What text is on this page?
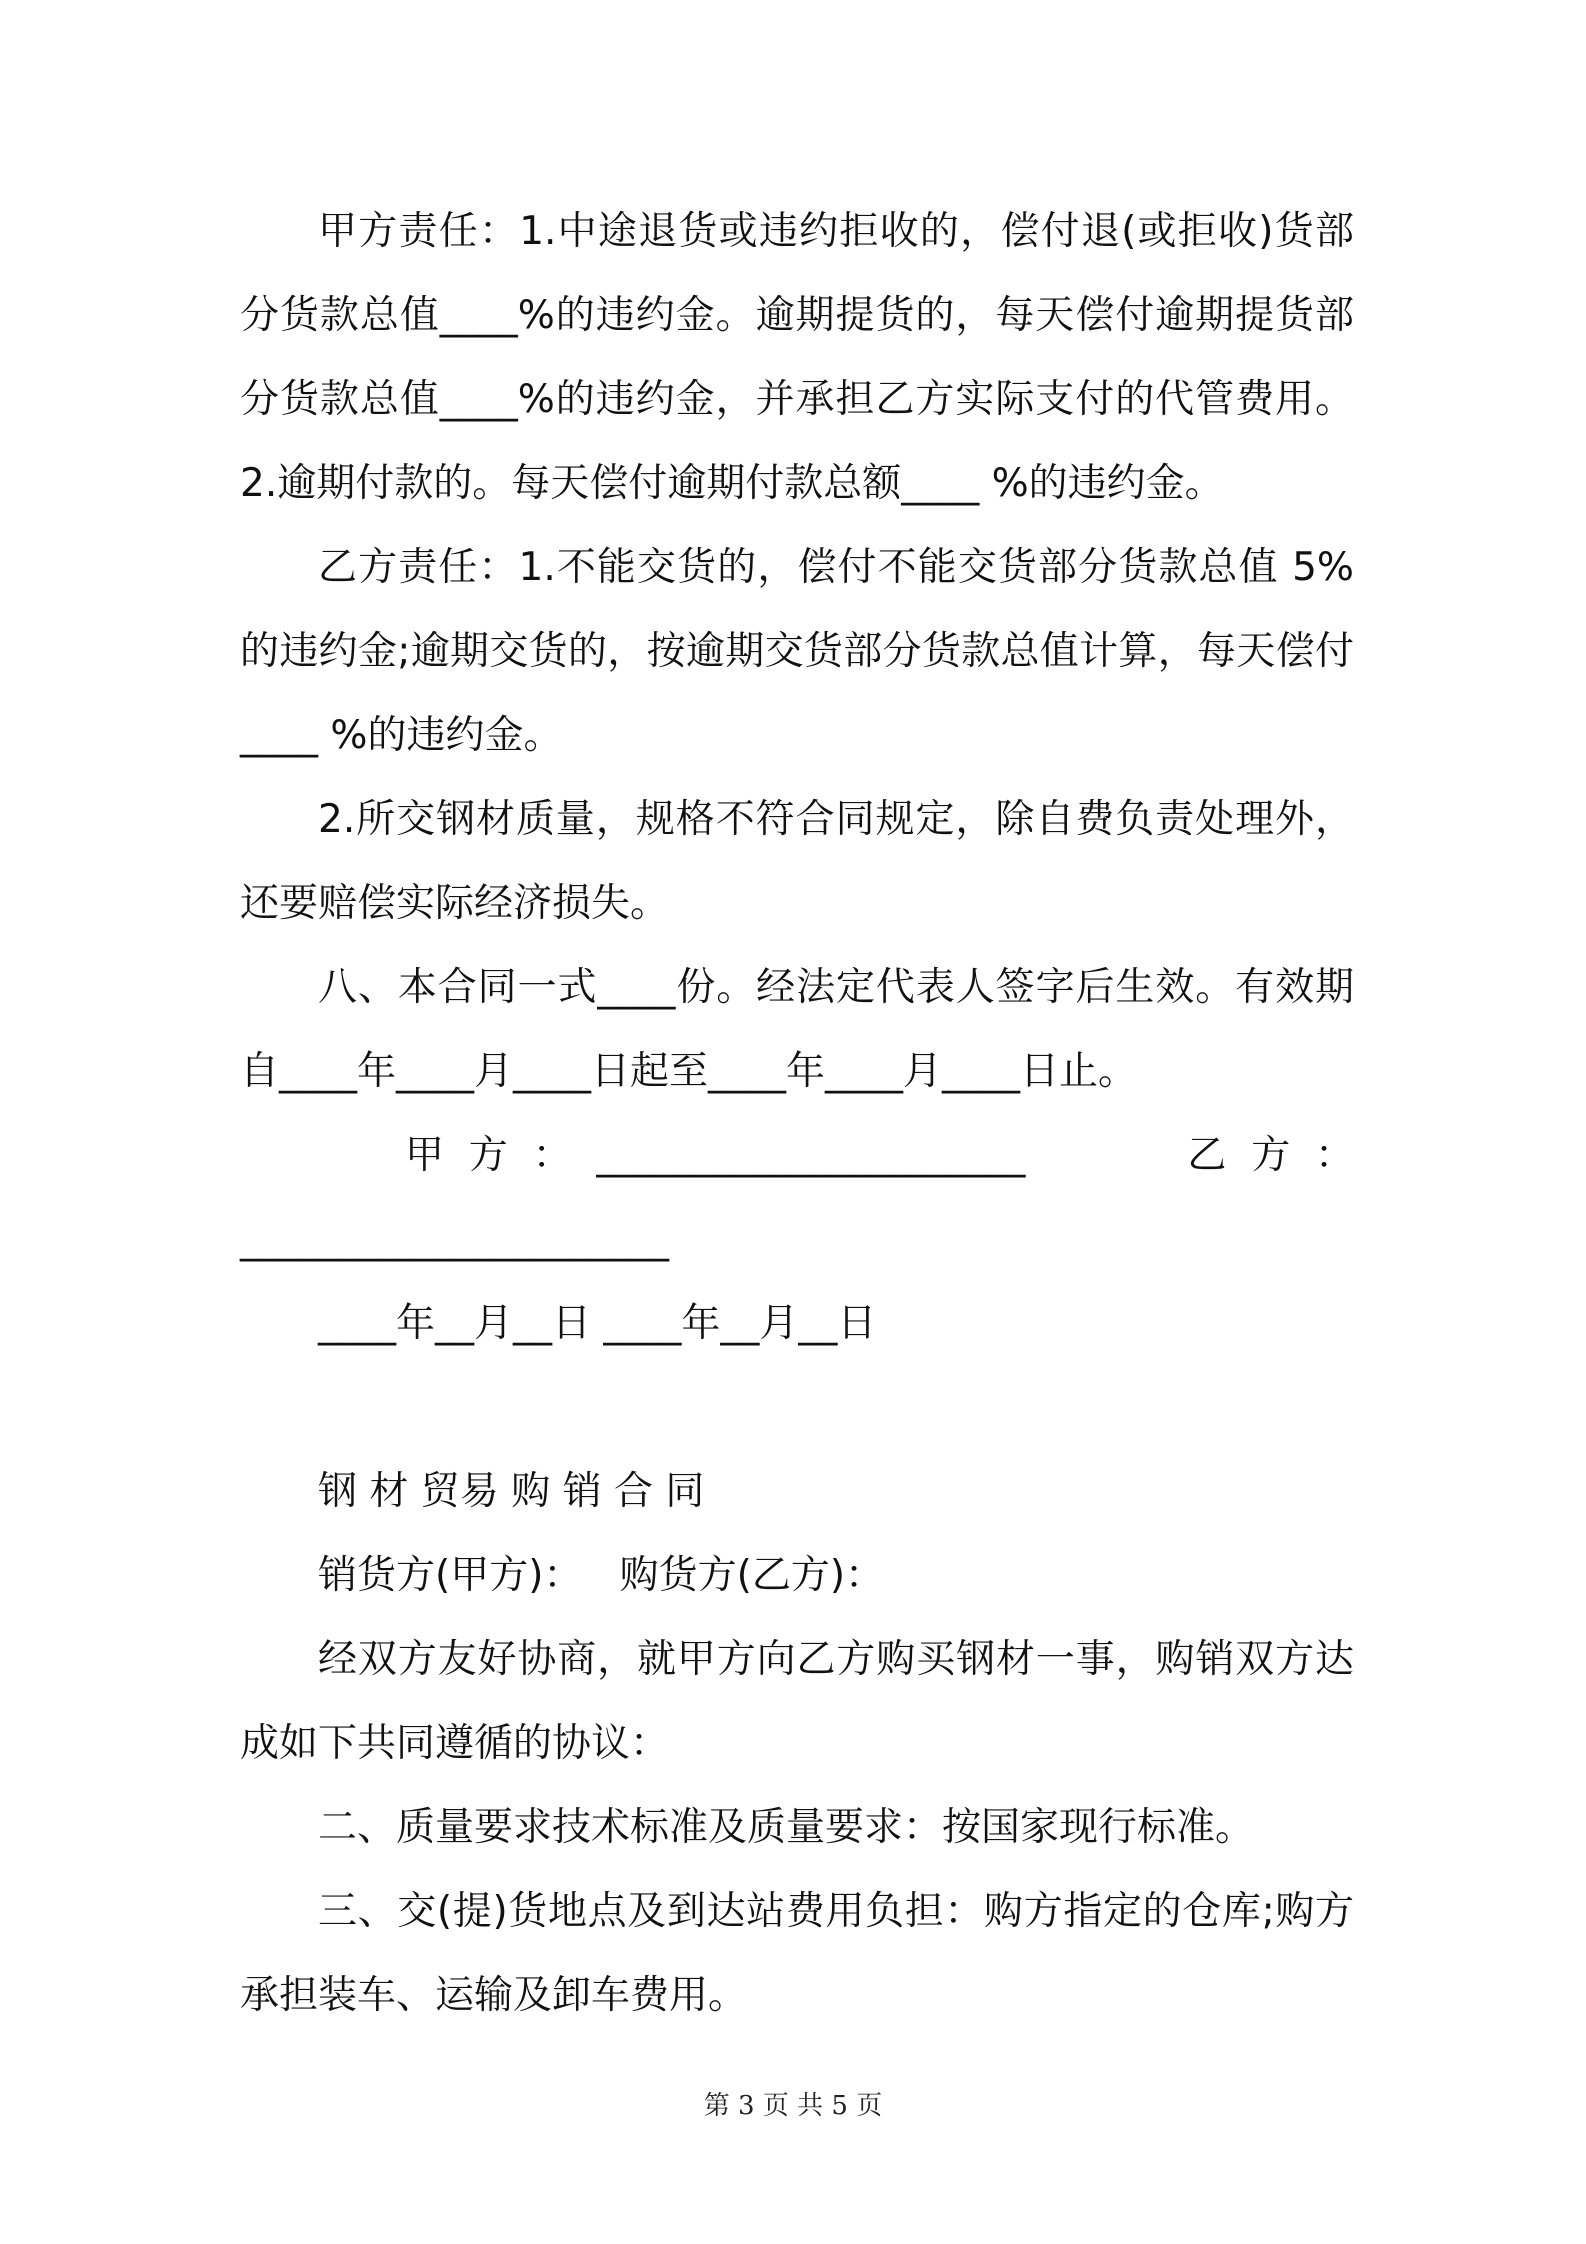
甲方责任：1.中途退货或违约拒收的，偿付退(或拒收)货部分货款总值____%的违约金。逾期提货的，每天偿付逾期提货部分货款总值____%的违约金，并承担乙方实际支付的代管费用。2.逾期付款的。每天偿付逾期付款总额____ %的违约金。

乙方责任：1.不能交货的，偿付不能交货部分货款总值 5%的违约金;逾期交货的，按逾期交货部分货款总值计算，每天偿付____ %的违约金。

2.所交钢材质量，规格不符合同规定，除自费负责处理外，还要赔偿实际经济损失。

八、本合同一式____份。经法定代表人签字后生效。有效期自____年____月____日起至____年____月____日止。

甲  方  ： ______________________	乙  方  ：
______________________
____年__月__日 ____年__月__日

钢 材 贸易 购 销 合 同

销货方(甲方)：   购货方(乙方)：

经双方友好协商，就甲方向乙方购买钢材一事，购销双方达成如下共同遵循的协议：

二、质量要求技术标准及质量要求：按国家现行标准。

三、交(提)货地点及到达站费用负担：购方指定的仓库;购方承担装车、运输及卸车费用。

第 3 页 共 5 页
